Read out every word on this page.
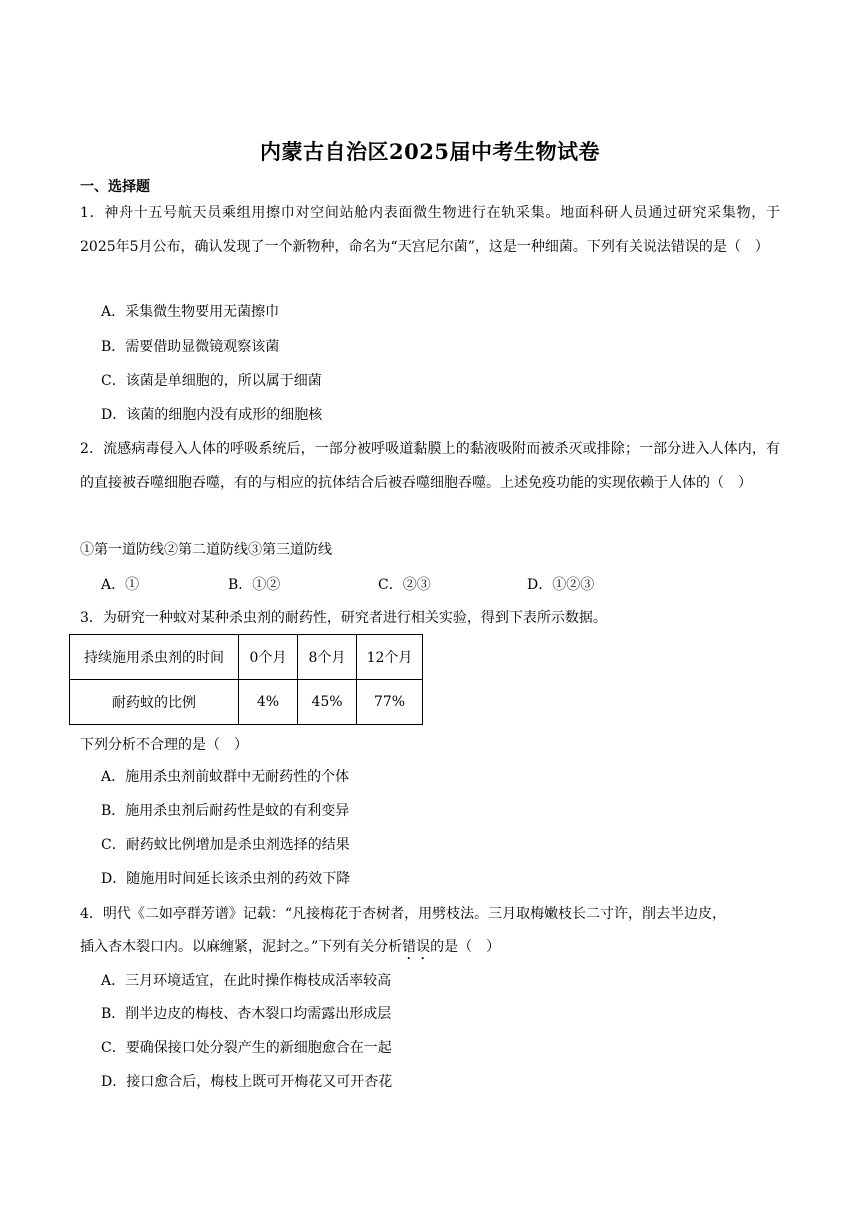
内蒙古自治区2025届中考生物试卷
一、选择题
1．神舟十五号航天员乘组用擦巾对空间站舱内表面微生物进行在轨采集。地面科研人员通过研究采集物，于2025年5月公布，确认发现了一个新物种，命名为“天宫尼尔菌”，这是一种细菌。下列有关说法错误的是（　）
A．采集微生物要用无菌擦巾
B．需要借助显微镜观察该菌
C．该菌是单细胞的，所以属于细菌
D．该菌的细胞内没有成形的细胞核
2．流感病毒侵入人体的呼吸系统后，一部分被呼吸道黏膜上的黏液吸附而被杀灭或排除；一部分进入人体内，有的直接被吞噬细胞吞噬，有的与相应的抗体结合后被吞噬细胞吞噬。上述免疫功能的实现依赖于人体的（　）
①第一道防线②第二道防线③第三道防线
A．①	B．①②	C．②③	D．①②③
3．为研究一种蚊对某种杀虫剂的耐药性，研究者进行相关实验，得到下表所示数据。
持续施用杀虫剂的时间	0个月	8个月	12个月
耐药蚊的比例	4%	45%	77%
下列分析不合理的是（　）
A．施用杀虫剂前蚊群中无耐药性的个体
B．施用杀虫剂后耐药性是蚊的有利变异
C．耐药蚊比例增加是杀虫剂选择的结果
D．随施用时间延长该杀虫剂的药效下降
4．明代《二如亭群芳谱》记载：“凡接梅花于杏树者，用劈枝法。三月取梅嫩枝长二寸许，削去半边皮，
插入杏木裂口内。以麻缠紧，泥封之。”下列有关分析错误的是（　）
A．三月环境适宜，在此时操作梅枝成活率较高
B．削半边皮的梅枝、杏木裂口均需露出形成层
C．要确保接口处分裂产生的新细胞愈合在一起
D．接口愈合后，梅枝上既可开梅花又可开杏花
